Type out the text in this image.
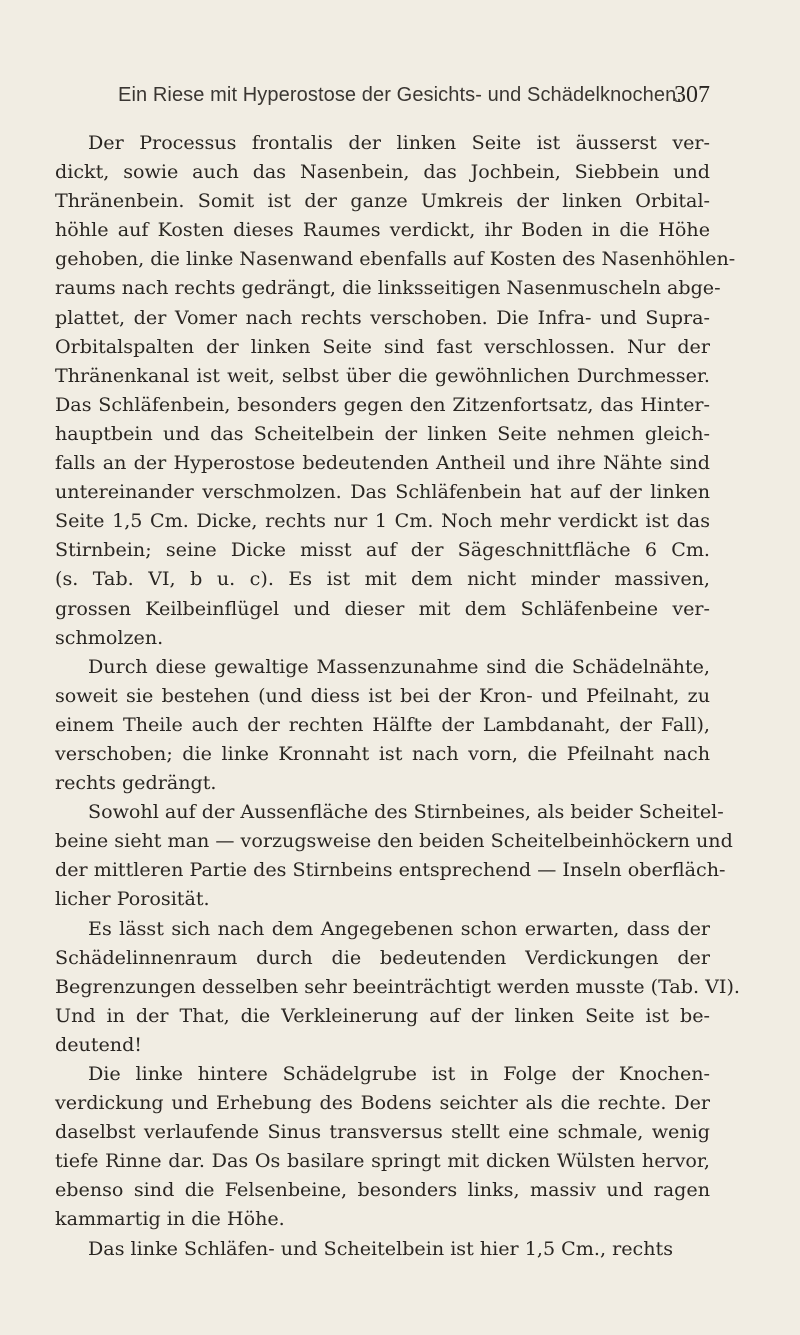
Ein Riese mit Hyperostose der Gesichts- und Schädelknochen.
307
Der Processus frontalis der linken Seite ist äusserst ver-
dickt, sowie auch das Nasenbein, das Jochbein, Siebbein und
Thränenbein. Somit ist der ganze Umkreis der linken Orbital-
höhle auf Kosten dieses Raumes verdickt, ihr Boden in die Höhe
gehoben, die linke Nasenwand ebenfalls auf Kosten des Nasenhöhlen-
raums nach rechts gedrängt, die linksseitigen Nasenmuscheln abge-
plattet, der Vomer nach rechts verschoben. Die Infra- und Supra-
Orbitalspalten der linken Seite sind fast verschlossen. Nur der
Thränenkanal ist weit, selbst über die gewöhnlichen Durchmesser.
Das Schläfenbein, besonders gegen den Zitzenfortsatz, das Hinter-
hauptbein und das Scheitelbein der linken Seite nehmen gleich-
falls an der Hyperostose bedeutenden Antheil und ihre Nähte sind
untereinander verschmolzen. Das Schläfenbein hat auf der linken
Seite 1,5 Cm. Dicke, rechts nur 1 Cm. Noch mehr verdickt ist das
Stirnbein; seine Dicke misst auf der Sägeschnittfläche 6 Cm.
(s. Tab. VI, b u. c). Es ist mit dem nicht minder massiven,
grossen Keilbeinflügel und dieser mit dem Schläfenbeine ver-
schmolzen.
Durch diese gewaltige Massenzunahme sind die Schädelnähte,
soweit sie bestehen (und diess ist bei der Kron- und Pfeilnaht, zu
einem Theile auch der rechten Hälfte der Lambdanaht, der Fall),
verschoben; die linke Kronnaht ist nach vorn, die Pfeilnaht nach
rechts gedrängt.
Sowohl auf der Aussenfläche des Stirnbeines, als beider Scheitel-
beine sieht man — vorzugsweise den beiden Scheitelbeinhöckern und
der mittleren Partie des Stirnbeins entsprechend — Inseln oberfläch-
licher Porosität.
Es lässt sich nach dem Angegebenen schon erwarten, dass der
Schädelinnenraum durch die bedeutenden Verdickungen der
Begrenzungen desselben sehr beeinträchtigt werden musste (Tab. VI).
Und in der That, die Verkleinerung auf der linken Seite ist be-
deutend!
Die linke hintere Schädelgrube ist in Folge der Knochen-
verdickung und Erhebung des Bodens seichter als die rechte. Der
daselbst verlaufende Sinus transversus stellt eine schmale, wenig
tiefe Rinne dar. Das Os basilare springt mit dicken Wülsten hervor,
ebenso sind die Felsenbeine, besonders links, massiv und ragen
kammartig in die Höhe.
Das linke Schläfen- und Scheitelbein ist hier 1,5 Cm., rechts
